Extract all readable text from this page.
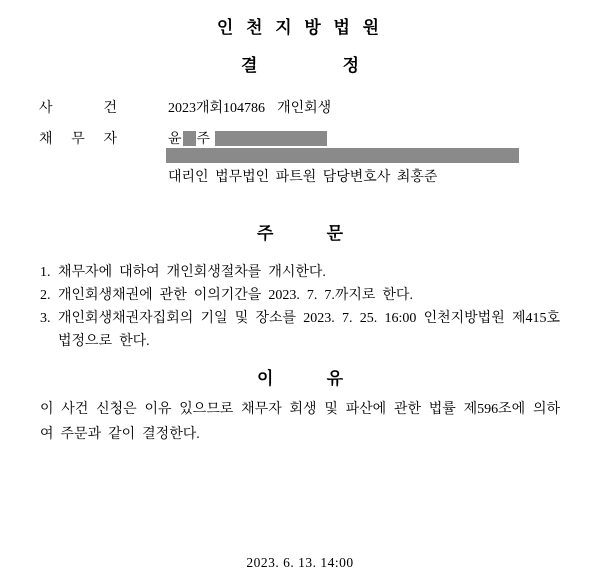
인 천 지 방 법 원
결	정
사	건	2023개회104786 개인회생
채 무 자	윤 주
대리인 법무법인 파트원 담당변호사 최홍준
주	문
1. 채무자에 대하여 개인회생절차를 개시한다.
2. 개인회생채권에 관한 이의기간을 2023. 7. 7.까지로 한다.
3. 개인회생채권자집회의 기일 및 장소를 2023. 7. 25. 16:00 인천지방법원 제415호 법정으로 한다.
이	유
이 사건 신청은 이유 있으므로 채무자 회생 및 파산에 관한 법률 제596조에 의하여 주문과 같이 결정한다.
2023. 6. 13. 14:00
